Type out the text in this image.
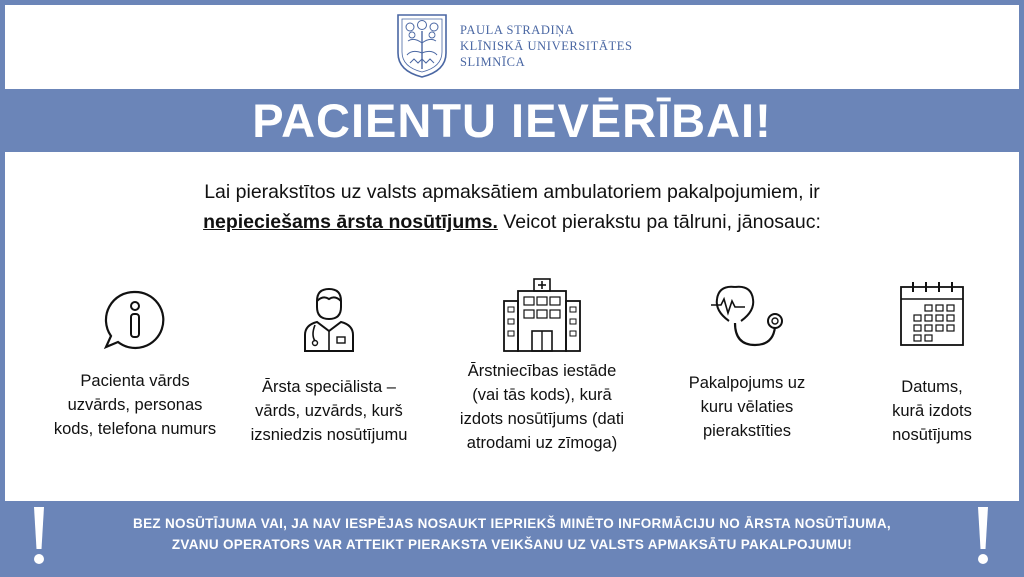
PAULA STRADIŅA
KLĪNISKĀ UNIVERSITĀTES
SLIMNĪCA
PACIENTU IEVĒRĪBAI!
Lai pierakstītos uz valsts apmaksātiem ambulatoriem pakalpojumiem, ir
nepieciešams ārsta nosūtījums. Veicot pierakstu pa tālruni, jānosauc:
Pacienta vārds
uzvārds, personas
kods, telefona numurs
Ārsta speciālista –
vārds, uzvārds, kurš
izsniedzis nosūtījumu
Ārstniecības iestāde
(vai tās kods), kurā
izdots nosūtījums (dati
atrodami uz zīmoga)
Pakalpojums uz
kuru vēlaties
pierakstīties
Datums,
kurā izdots
nosūtījums
BEZ NOSŪTĪJUMA VAI, JA NAV IESPĒJAS NOSAUKT IEPRIEKŠ MINĒTO INFORMĀCIJU NO ĀRSTA NOSŪTĪJUMA,
ZVANU OPERATORS VAR ATTEIKT PIERAKSTA VEIKŠANU UZ VALSTS APMAKSĀTU PAKALPOJUMU!
